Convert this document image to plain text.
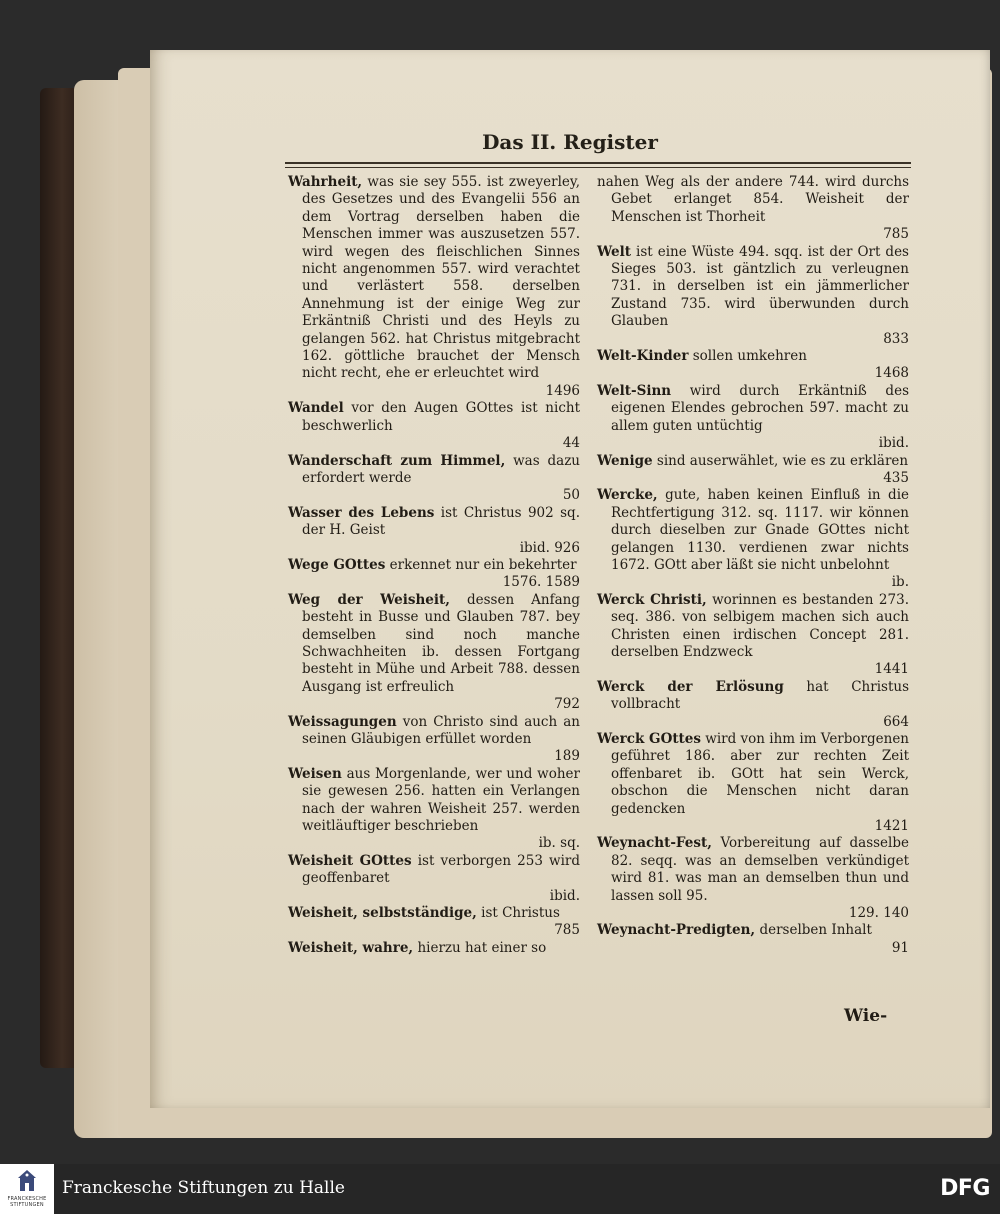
Das II. Register

Wahrheit, was sie sey 555. ist zweyerley, des Gesetzes und des Evangelii 556 an dem Vortrag derselben haben die Menschen immer was auszusetzen 557. wird wegen des fleischlichen Sinnes nicht angenommen 557. wird verachtet und verlästert 558. derselben Annehmung ist der einige Weg zur Erkäntniß Christi und des Heyls zu gelangen 562. hat Christus mitgebracht 162. göttliche brauchet der Mensch nicht recht, ehe er erleuchtet wird
1496

Wandel vor den Augen GOttes ist nicht beschwerlich
44

Wanderschaft zum Himmel, was dazu erfordert werde
50

Wasser des Lebens ist Christus 902 sq. der H. Geist
ibid. 926

Wege GOttes erkennet nur ein bekehrter
1576. 1589

Weg der Weisheit, dessen Anfang besteht in Busse und Glauben 787. bey demselben sind noch manche Schwachheiten ib. dessen Fortgang besteht in Mühe und Arbeit 788. dessen Ausgang ist erfreulich
792

Weissagungen von Christo sind auch an seinen Gläubigen erfüllet worden
189

Weisen aus Morgenlande, wer und woher sie gewesen 256. hatten ein Verlangen nach der wahren Weisheit 257. werden weitläuftiger beschrieben
ib. sq.

Weisheit GOttes ist verborgen 253 wird geoffenbaret
ibid.

Weisheit, selbstständige, ist Christus
785

Weisheit, wahre, hierzu hat einer so

nahen Weg als der andere 744. wird durchs Gebet erlanget 854. Weisheit der Menschen ist Thorheit
785

Welt ist eine Wüste 494. sqq. ist der Ort des Sieges 503. ist gäntzlich zu verleugnen 731. in derselben ist ein jämmerlicher Zustand 735. wird überwunden durch Glauben
833

Welt-Kinder sollen umkehren
1468

Welt-Sinn wird durch Erkäntniß des eigenen Elendes gebrochen 597. macht zu allem guten untüchtig
ibid.

Wenige sind auserwählet, wie es zu erklären
435

Wercke, gute, haben keinen Einfluß in die Rechtfertigung 312. sq. 1117. wir können durch dieselben zur Gnade GOttes nicht gelangen 1130. verdienen zwar nichts 1672. GOtt aber läßt sie nicht unbelohnt
ib.

Werck Christi, worinnen es bestanden 273. seq. 386. von selbigem machen sich auch Christen einen irdischen Concept 281. derselben Endzweck
1441

Werck der Erlösung hat Christus vollbracht
664

Werck GOttes wird von ihm im Verborgenen geführet 186. aber zur rechten Zeit offenbaret ib. GOtt hat sein Werck, obschon die Menschen nicht daran gedencken
1421

Weynacht-Fest, Vorbereitung auf dasselbe 82. seqq. was an demselben verkündiget wird 81. was man an demselben thun und lassen soll 95.
129. 140

Weynacht-Predigten, derselben Inhalt
91

Wie-
FRANCKESCHE
STIFTUNGEN
Franckesche Stiftungen zu Halle	DFG
